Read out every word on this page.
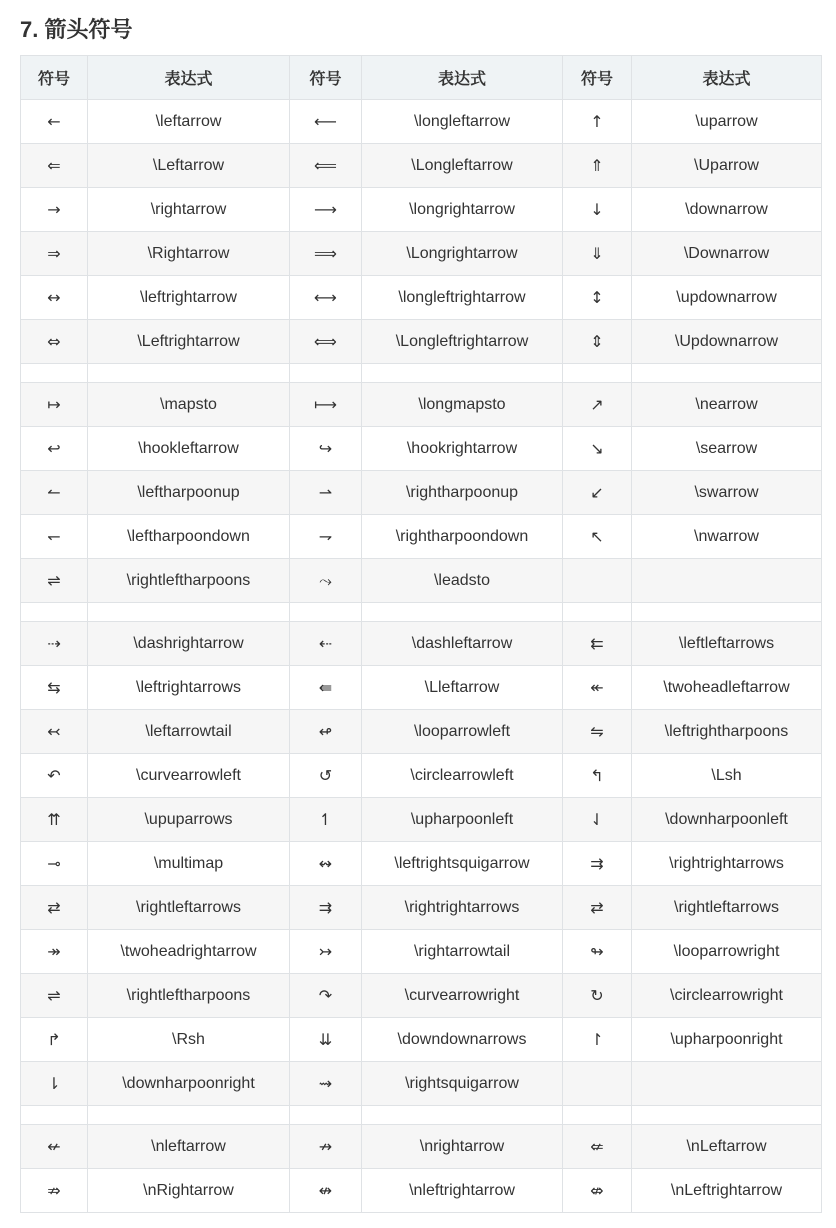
7. 箭头符号
符号	表达式	符号	表达式	符号	表达式
←	\leftarrow	⟵	\longleftarrow	↑	\uparrow
⇐	\Leftarrow	⟸	\Longleftarrow	⇑	\Uparrow
→	\rightarrow	⟶	\longrightarrow	↓	\downarrow
⇒	\Rightarrow	⟹	\Longrightarrow	⇓	\Downarrow
↔	\leftrightarrow	⟷	\longleftrightarrow	↕	\updownarrow
⇔	\Leftrightarrow	⟺	\Longleftrightarrow	⇕	\Updownarrow

↦	\mapsto	⟼	\longmapsto	↗	\nearrow
↩	\hookleftarrow	↪	\hookrightarrow	↘	\searrow
↼	\leftharpoonup	⇀	\rightharpoonup	↙	\swarrow
↽	\leftharpoondown	⇁	\rightharpoondown	↖	\nwarrow
⇌	\rightleftharpoons	⤳	\leadsto		

⇢	\dashrightarrow	⇠	\dashleftarrow	⇇	\leftleftarrows
⇆	\leftrightarrows	⇚	\Lleftarrow	↞	\twoheadleftarrow
↢	\leftarrowtail	↫	\looparrowleft	⇋	\leftrightharpoons
↶	\curvearrowleft	↺	\circlearrowleft	↰	\Lsh
⇈	\upuparrows	↿	\upharpoonleft	⇃	\downharpoonleft
⊸	\multimap	↭	\leftrightsquigarrow	⇉	\rightrightarrows
⇄	\rightleftarrows	⇉	\rightrightarrows	⇄	\rightleftarrows
↠	\twoheadrightarrow	↣	\rightarrowtail	↬	\looparrowright
⇌	\rightleftharpoons	↷	\curvearrowright	↻	\circlearrowright
↱	\Rsh	⇊	\downdownarrows	↾	\upharpoonright
⇂	\downharpoonright	⇝	\rightsquigarrow		

↚	\nleftarrow	↛	\nrightarrow	⇍	\nLeftarrow
⇏	\nRightarrow	↮	\nleftrightarrow	⇎	\nLeftrightarrow
